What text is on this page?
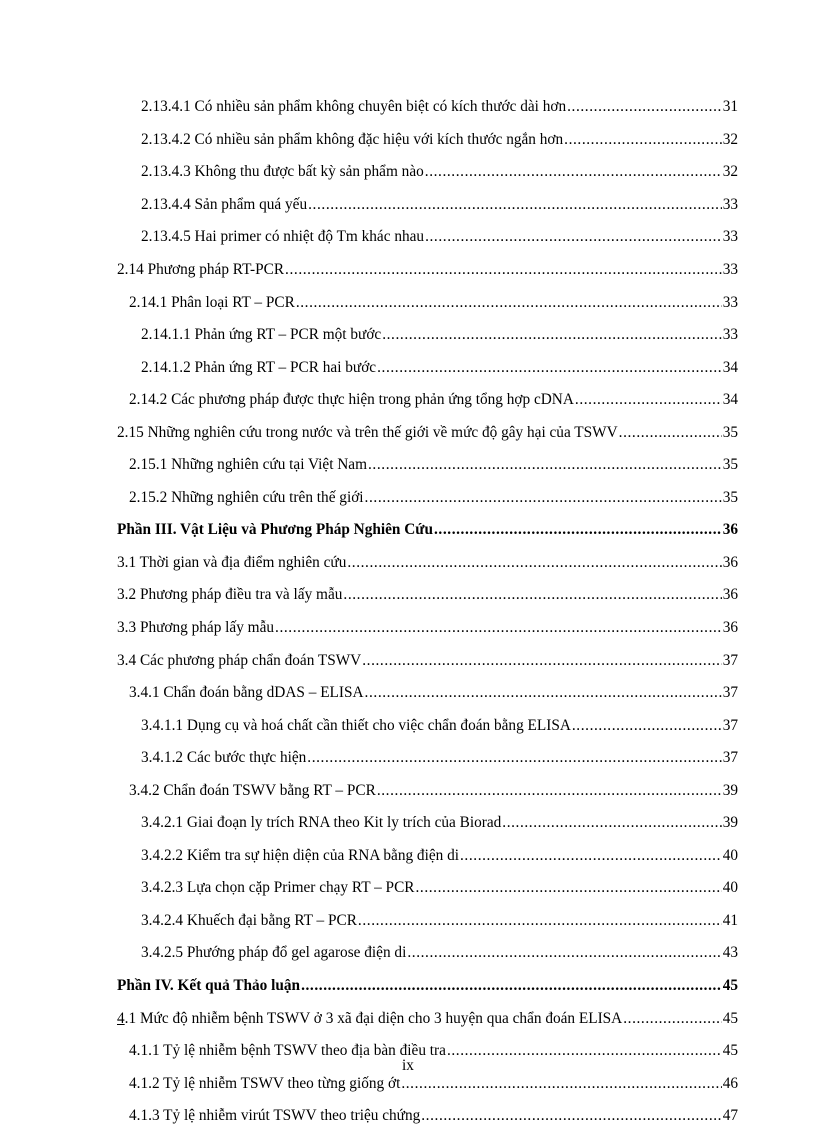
2.13.4.1 Có nhiều sản phẩm không chuyên biệt có kích thước dài hơn .....	31
2.13.4.2 Có nhiều sản phẩm không đặc hiệu với kích thước ngắn hơn .....	32
2.13.4.3 Không thu được bất kỳ sản phẩm nào .....	32
2.13.4.4 Sản phẩm quá yếu .....	33
2.13.4.5 Hai primer có nhiệt độ Tm khác nhau .....	33
2.14 Phương pháp RT-PCR .....	33
2.14.1 Phân loại RT – PCR .....	33
2.14.1.1 Phản ứng RT – PCR một bước .....	33
2.14.1.2 Phản ứng RT – PCR hai bước .....	34
2.14.2 Các phương pháp được thực hiện trong phản ứng tổng hợp cDNA .....	34
2.15 Những nghiên cứu trong nước và trên thế giới về mức độ gây hại của TSWV .....	35
2.15.1 Những nghiên cứu tại Việt Nam .....	35
2.15.2 Những nghiên cứu trên thế giới .....	35
Phần III. Vật Liệu và Phương Pháp Nghiên Cứu .....	36
3.1 Thời gian và địa điểm nghiên cứu .....	36
3.2 Phương pháp điều tra và lấy mẫu .....	36
3.3 Phương pháp lấy mẫu .....	36
3.4 Các phương pháp chẩn đoán TSWV .....	37
3.4.1 Chẩn đoán bằng dDAS – ELISA .....	37
3.4.1.1 Dụng cụ và hoá chất cần thiết cho việc chẩn đoán bằng ELISA .....	37
3.4.1.2 Các bước thực hiện .....	37
3.4.2 Chẩn đoán TSWV bằng RT – PCR .....	39
3.4.2.1 Giai đoạn ly trích RNA theo Kit ly trích của Biorad .....	39
3.4.2.2 Kiểm tra sự hiện diện của RNA bằng điện di .....	40
3.4.2.3 Lựa chọn cặp Primer chạy RT – PCR .....	40
3.4.2.4 Khuếch đại bằng RT – PCR .....	41
3.4.2.5 Phướng pháp đổ gel agarose điện di .....	43
Phần IV. Kết quả Thảo luận .....	45
4.1 Mức độ nhiễm bệnh TSWV ở 3 xã đại diện cho 3 huyện qua chẩn đoán ELISA .....	45
4.1.1 Tỷ lệ nhiễm bệnh TSWV theo địa bàn điều tra .....	45
4.1.2 Tỷ lệ nhiễm TSWV theo từng giống ớt .....	46
4.1.3 Tỷ lệ nhiễm virút TSWV theo triệu chứng .....	47
ix
